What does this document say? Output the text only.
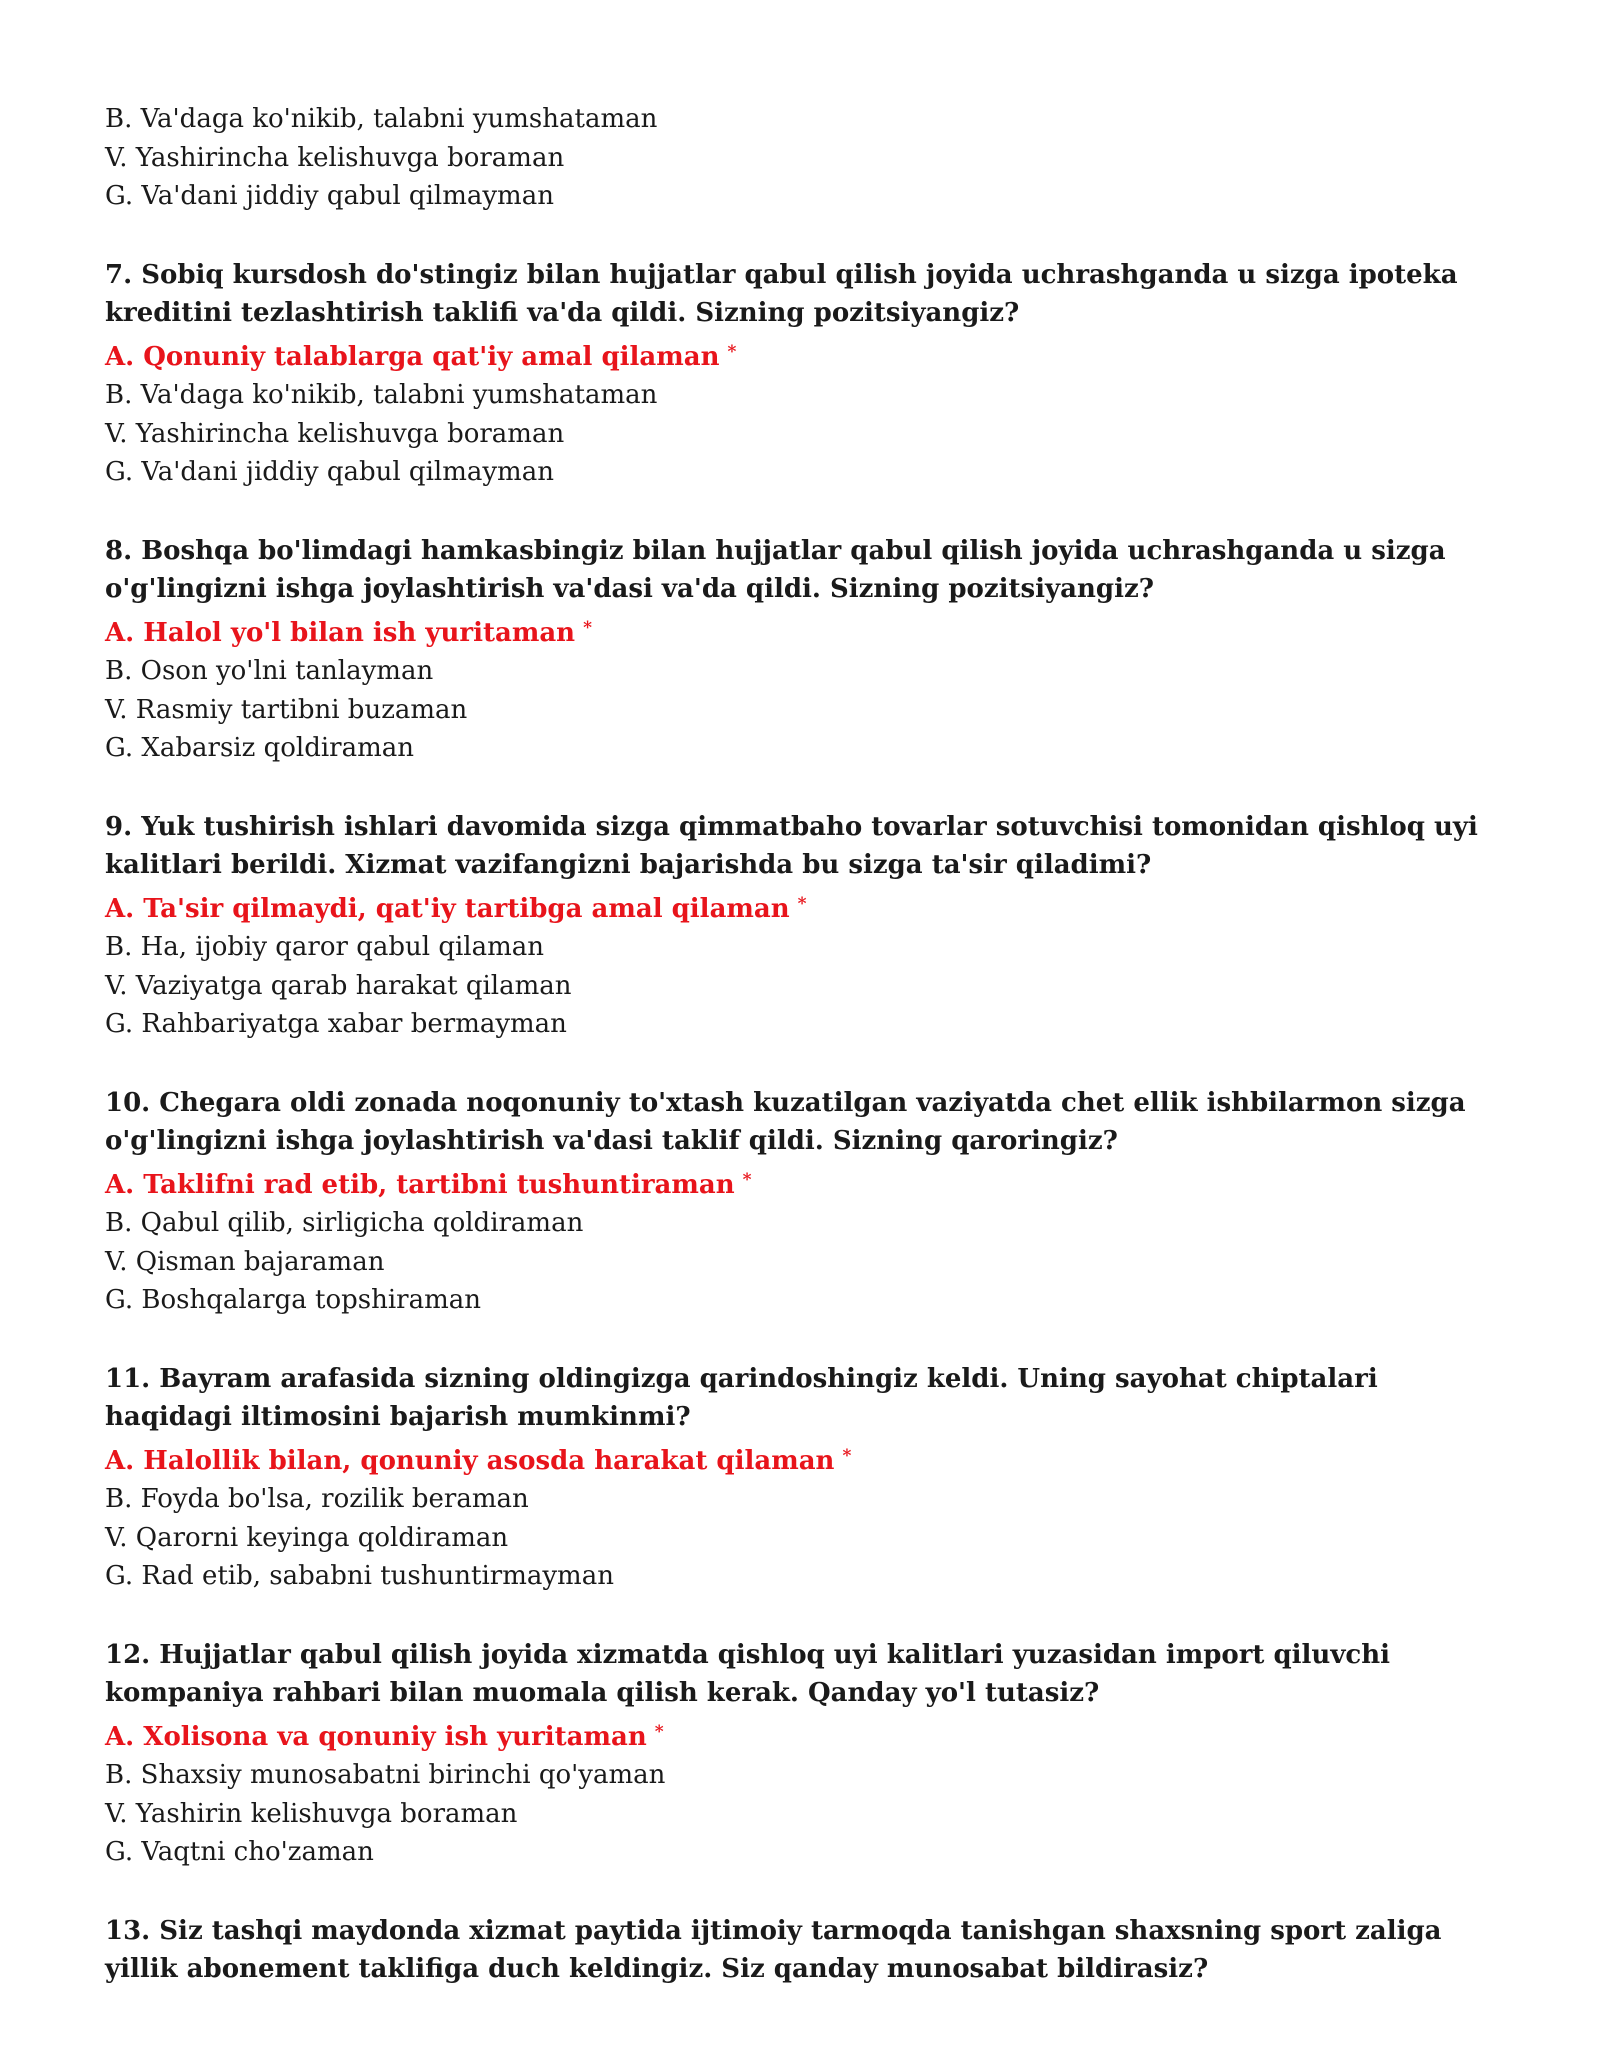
B. Va'daga ko'nikib, talabni yumshataman
V. Yashirincha kelishuvga boraman
G. Va'dani jiddiy qabul qilmayman
7. Sobiq kursdosh do'stingiz bilan hujjatlar qabul qilish joyida uchrashganda u sizga ipoteka kreditini tezlashtirish taklifi va'da qildi. Sizning pozitsiyangiz?
A. Qonuniy talablarga qat'iy amal qilaman *
B. Va'daga ko'nikib, talabni yumshataman
V. Yashirincha kelishuvga boraman
G. Va'dani jiddiy qabul qilmayman
8. Boshqa bo'limdagi hamkasbingiz bilan hujjatlar qabul qilish joyida uchrashganda u sizga o'g'lingizni ishga joylashtirish va'dasi va'da qildi. Sizning pozitsiyangiz?
A. Halol yo'l bilan ish yuritaman *
B. Oson yo'lni tanlayman
V. Rasmiy tartibni buzaman
G. Xabarsiz qoldiraman
9. Yuk tushirish ishlari davomida sizga qimmatbaho tovarlar sotuvchisi tomonidan qishloq uyi kalitlari berildi. Xizmat vazifangizni bajarishda bu sizga ta'sir qiladimi?
A. Ta'sir qilmaydi, qat'iy tartibga amal qilaman *
B. Ha, ijobiy qaror qabul qilaman
V. Vaziyatga qarab harakat qilaman
G. Rahbariyatga xabar bermayman
10. Chegara oldi zonada noqonuniy to'xtash kuzatilgan vaziyatda chet ellik ishbilarmon sizga o'g'lingizni ishga joylashtirish va'dasi taklif qildi. Sizning qaroringiz?
A. Taklifni rad etib, tartibni tushuntiraman *
B. Qabul qilib, sirligicha qoldiraman
V. Qisman bajaraman
G. Boshqalarga topshiraman
11. Bayram arafasida sizning oldingizga qarindoshingiz keldi. Uning sayohat chiptalari haqidagi iltimosini bajarish mumkinmi?
A. Halollik bilan, qonuniy asosda harakat qilaman *
B. Foyda bo'lsa, rozilik beraman
V. Qarorni keyinga qoldiraman
G. Rad etib, sababni tushuntirmayman
12. Hujjatlar qabul qilish joyida xizmatda qishloq uyi kalitlari yuzasidan import qiluvchi kompaniya rahbari bilan muomala qilish kerak. Qanday yo'l tutasiz?
A. Xolisona va qonuniy ish yuritaman *
B. Shaxsiy munosabatni birinchi qo'yaman
V. Yashirin kelishuvga boraman
G. Vaqtni cho'zaman
13. Siz tashqi maydonda xizmat paytida ijtimoiy tarmoqda tanishgan shaxsning sport zaliga yillik abonement taklifiga duch keldingiz. Siz qanday munosabat bildirasiz?
